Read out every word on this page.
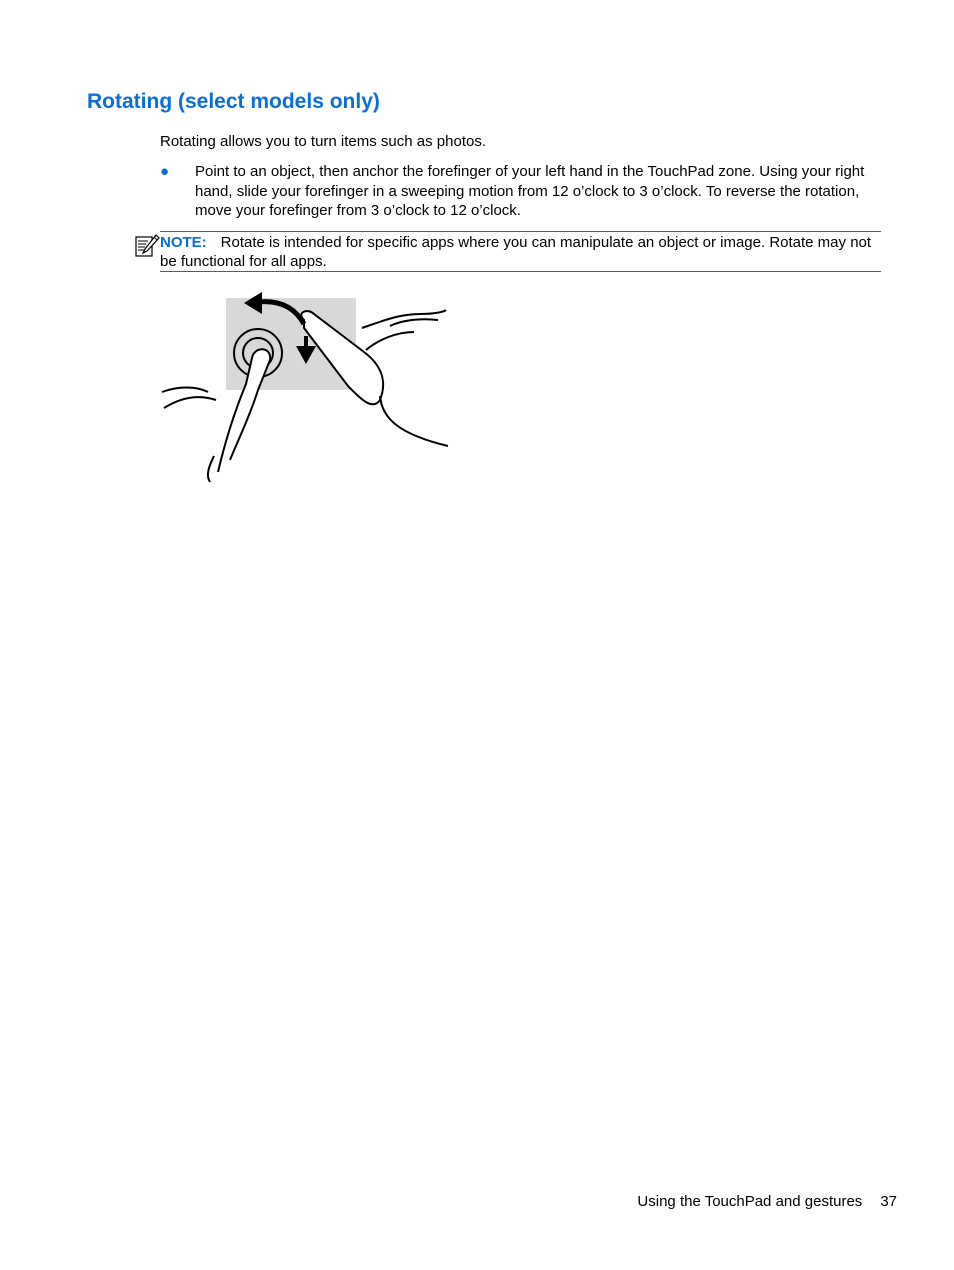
Rotating (select models only)

Rotating allows you to turn items such as photos.

● Point to an object, then anchor the forefinger of your left hand in the TouchPad zone. Using your right hand, slide your forefinger in a sweeping motion from 12 o’clock to 3 o’clock. To reverse the rotation, move your forefinger from 3 o’clock to 12 o’clock.

NOTE: Rotate is intended for specific apps where you can manipulate an object or image. Rotate may not be functional for all apps.

Using the TouchPad and gestures 37
